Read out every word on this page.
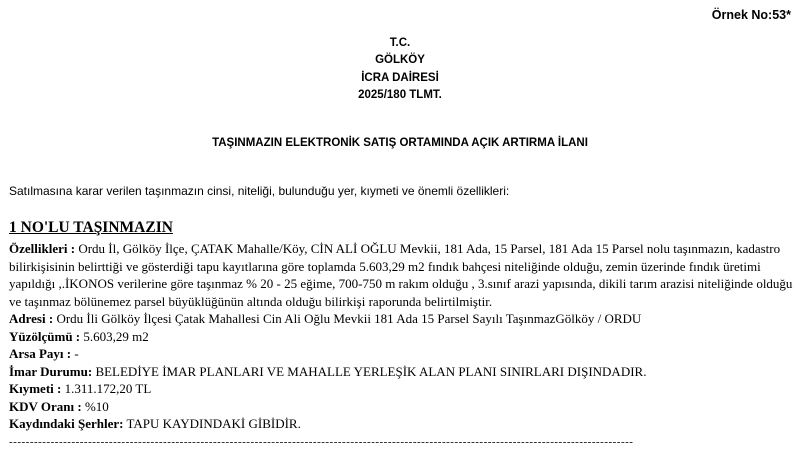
Örnek No:53*
T.C.
GÖLKÖY
İCRA DAİRESİ
2025/180 TLMT.
TAŞINMAZIN ELEKTRONİK SATIŞ ORTAMINDA AÇIK ARTIRMA İLANI
Satılmasına karar verilen taşınmazın cinsi, niteliği, bulunduğu yer, kıymeti ve önemli özellikleri:
1 NO'LU TAŞINMAZIN

Özellikleri : Ordu İl, Gölköy İlçe, ÇATAK Mahalle/Köy, CİN ALİ OĞLU Mevkii, 181 Ada, 15 Parsel, 181 Ada 15 Parsel nolu taşınmazın, kadastro bilirkişisinin belirttiği ve gösterdiği tapu kayıtlarına göre toplamda 5.603,29 m2 fındık bahçesi niteliğinde olduğu, zemin üzerinde fındık üretimi yapıldığı ,.İKONOS verilerine göre taşınmaz % 20 - 25 eğime, 700-750 m rakım olduğu , 3.sınıf arazi yapısında, dikili tarım arazisi niteliğinde olduğu ve taşınmaz bölünemez parsel büyüklüğünün altında olduğu bilirkişi raporunda belirtilmiştir.

Adresi : Ordu İli Gölköy İlçesi Çatak Mahallesi Cin Ali Oğlu Mevkii 181 Ada 15 Parsel Sayılı TaşınmazGölköy / ORDU

Yüzölçümü : 5.603,29 m2

Arsa Payı : -

İmar Durumu: BELEDİYE İMAR PLANLARI VE MAHALLE YERLEŞİK ALAN PLANI SINIRLARI DIŞINDADIR.

Kıymeti : 1.311.172,20 TL

KDV Oranı : %10

Kaydındaki Şerhler: TAPU KAYDINDAKİ GİBİDİR.

------------------------------------------------------------------------------------------------------------------------------------------------------
